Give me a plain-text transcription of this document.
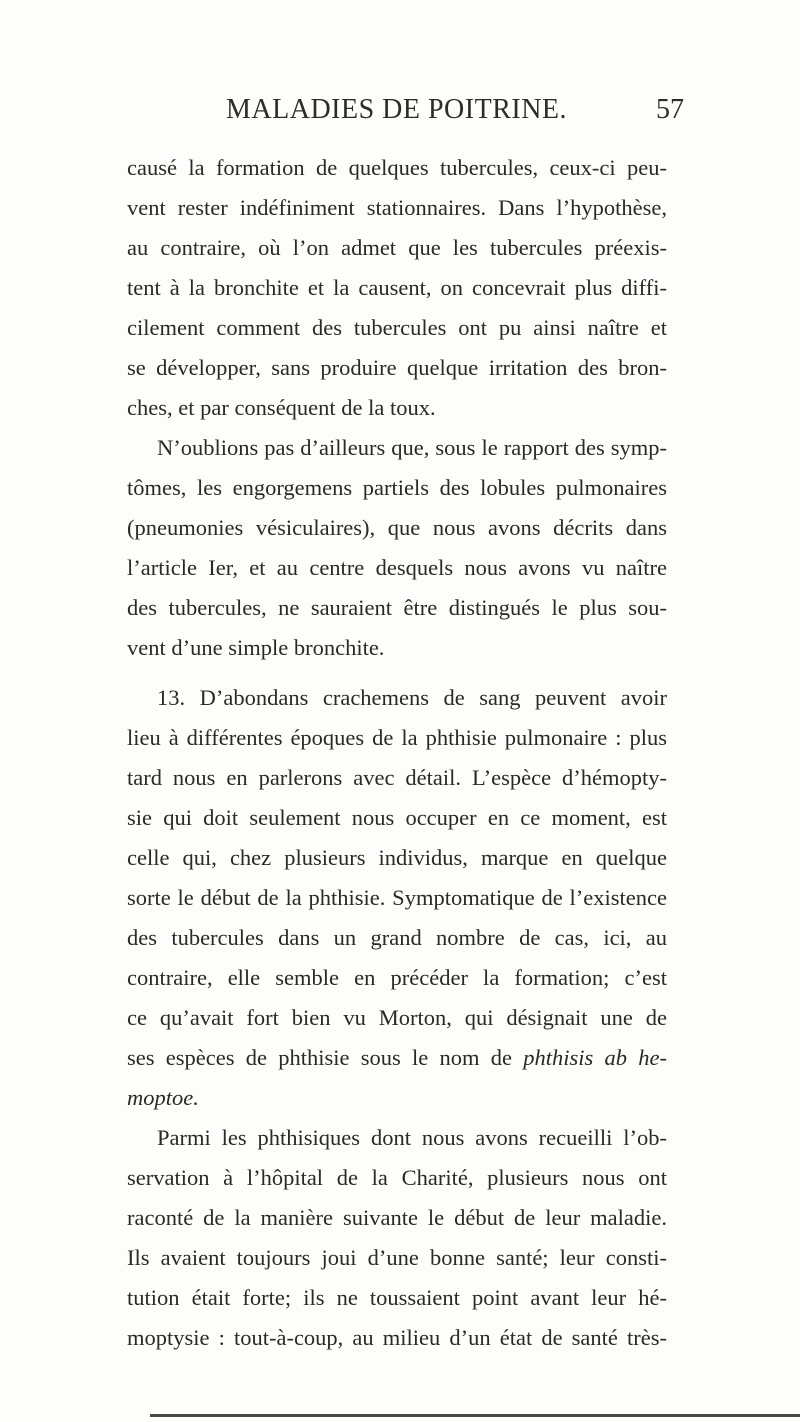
MALADIES DE POITRINE.	57
causé la formation de quelques tubercules, ceux-ci peu-
vent rester indéfiniment stationnaires. Dans l’hypothèse,
au contraire, où l’on admet que les tubercules préexis-
tent à la bronchite et la causent, on concevrait plus diffi-
cilement comment des tubercules ont pu ainsi naître et
se développer, sans produire quelque irritation des bron-
ches, et par conséquent de la toux.
N’oublions pas d’ailleurs que, sous le rapport des symp-
tômes, les engorgemens partiels des lobules pulmonaires
(pneumonies vésiculaires), que nous avons décrits dans
l’article Ier, et au centre desquels nous avons vu naître
des tubercules, ne sauraient être distingués le plus sou-
vent d’une simple bronchite.
13. D’abondans crachemens de sang peuvent avoir
lieu à différentes époques de la phthisie pulmonaire : plus
tard nous en parlerons avec détail. L’espèce d’hémopty-
sie qui doit seulement nous occuper en ce moment, est
celle qui, chez plusieurs individus, marque en quelque
sorte le début de la phthisie. Symptomatique de l’existence
des tubercules dans un grand nombre de cas, ici, au
contraire, elle semble en précéder la formation; c’est
ce qu’avait fort bien vu Morton, qui désignait une de
ses espèces de phthisie sous le nom de phthisis ab he-
moptoe.
Parmi les phthisiques dont nous avons recueilli l’ob-
servation à l’hôpital de la Charité, plusieurs nous ont
raconté de la manière suivante le début de leur maladie.
Ils avaient toujours joui d’une bonne santé; leur consti-
tution était forte; ils ne toussaient point avant leur hé-
moptysie : tout-à-coup, au milieu d’un état de santé très-
